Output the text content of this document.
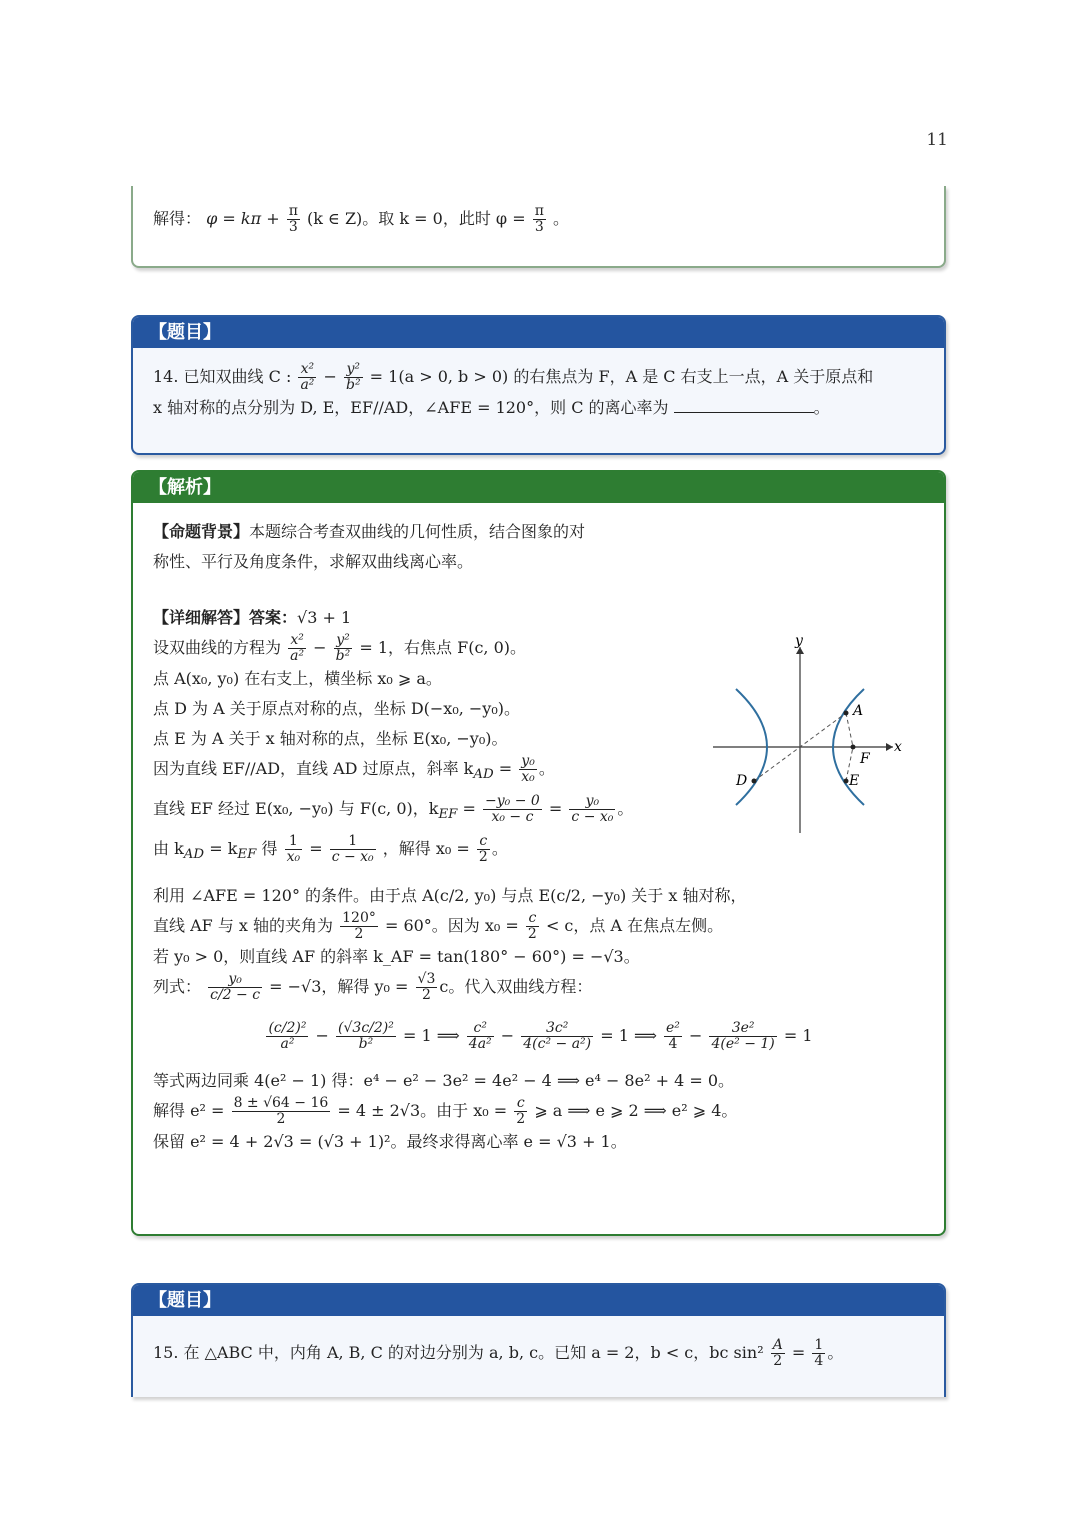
11
解得： $\varphi = k\pi + \frac{\pi}{3} (k$ ∈ Z)。取 k = 0，此时 $\varphi = \frac{\pi}{3}$ 。
【题目】
14. 已知双曲线 C : $\frac{\text{x²}}{\text{a²}} - \frac{\text{y²}}{\text{b²}} = 1(a > 0$, b > 0) 的右焦点为 F，A 是 C 右支上一点，A 关于原点和
x 轴对称的点分别为 D, E，EF//AD，∠AFE = 120°，则 C 的离心率为	。
【解析】
【命题背景】本题综合考查双曲线的几何性质，结合图象的对
称性、平行及角度条件，求解双曲线离心率。
【详细解答】答案：√3 + 1
设双曲线的方程为 $\frac{\text{x²}}{\text{a²}} - \frac{\text{y²}}{\text{b²}} = 1$，右焦点 F(c, 0)。
点 A(x₀, y₀) 在右支上，横坐标 x₀ ⩾ a。
点 D 为 A 关于原点对称的点，坐标 D(−x₀, −y₀)。
点 E 为 A 关于 x 轴对称的点，坐标 E(x₀, −y₀)。
因为直线 EF//AD，直线 AD 过原点，斜率 $k_{AD} = \frac{\text{y₀}}{\text{x₀}}$ 。
直线 EF 经过 E(x₀, −y₀) 与 F(c, 0)，$k_{EF} = \frac{\text{−y₀ − 0}}{\text{x₀ − c}} = \frac{\text{y₀}}{\text{c − x₀}}$ 。
由 $k_{AD} = k_{EF}$ 得 $\frac{1}{\text{x₀}} = \frac{1}{\text{c − x₀}}$ ，解得 $x_0 = \frac{c}{2}$ 。
利用 ∠AFE = 120° 的条件。由于点 A(c/2, y₀) 与点 E(c/2, −y₀) 关于 x 轴对称，
直线 AF 与 x 轴的夹角为 $\frac{120^\circ}{2} = 60^\circ$。因为 $x_0 = \frac{c}{2} < c$，点 A 在焦点左侧。
若 y₀ > 0，则直线 AF 的斜率 k_AF = tan(180° − 60°) = −√3。
列式： $\frac{\text{y₀}}{c/2 - c} = -√3$，解得 $y_0 = \frac{√3}{2}$ c。代入双曲线方程：
$\frac{\text{(c/2)²}}{\text{a²}} - \frac{\text{(√3c/2)²}}{\text{b²}} = 1$ ⟹ $\frac{\text{c²}}{\text{4a²}} - \frac{\text{3c²}}{\text{4(c² − a²)}} = 1$ ⟹ $\frac{\text{e²}}{4} - \frac{\text{3e²}}{\text{4(e² − 1)}} = 1$
等式两边同乘 4(e² − 1) 得：e⁴ − e² − 3e² = 4e² − 4 ⟹ e⁴ − 8e² + 4 = 0。
解得 $e^2 = \frac{8 \pm √64 - 16}{2} = 4 \pm 2√3$。由于 $x_0 = \frac{c}{2}$ ⩾ a ⟹ e ⩾ 2 ⟹ e² ⩾ 4。
保留 e² = 4 + 2√3 = (√3 + 1)²。最终求得离心率 e = √3 + 1。
y
x
A
F
D	E
【题目】
15. 在 △ABC 中，内角 A, B, C 的对边分别为 a, b, c。已知 a = 2，b < c，bc $\sin^2 \frac{A}{2} = \frac{1}{4}$ 。
